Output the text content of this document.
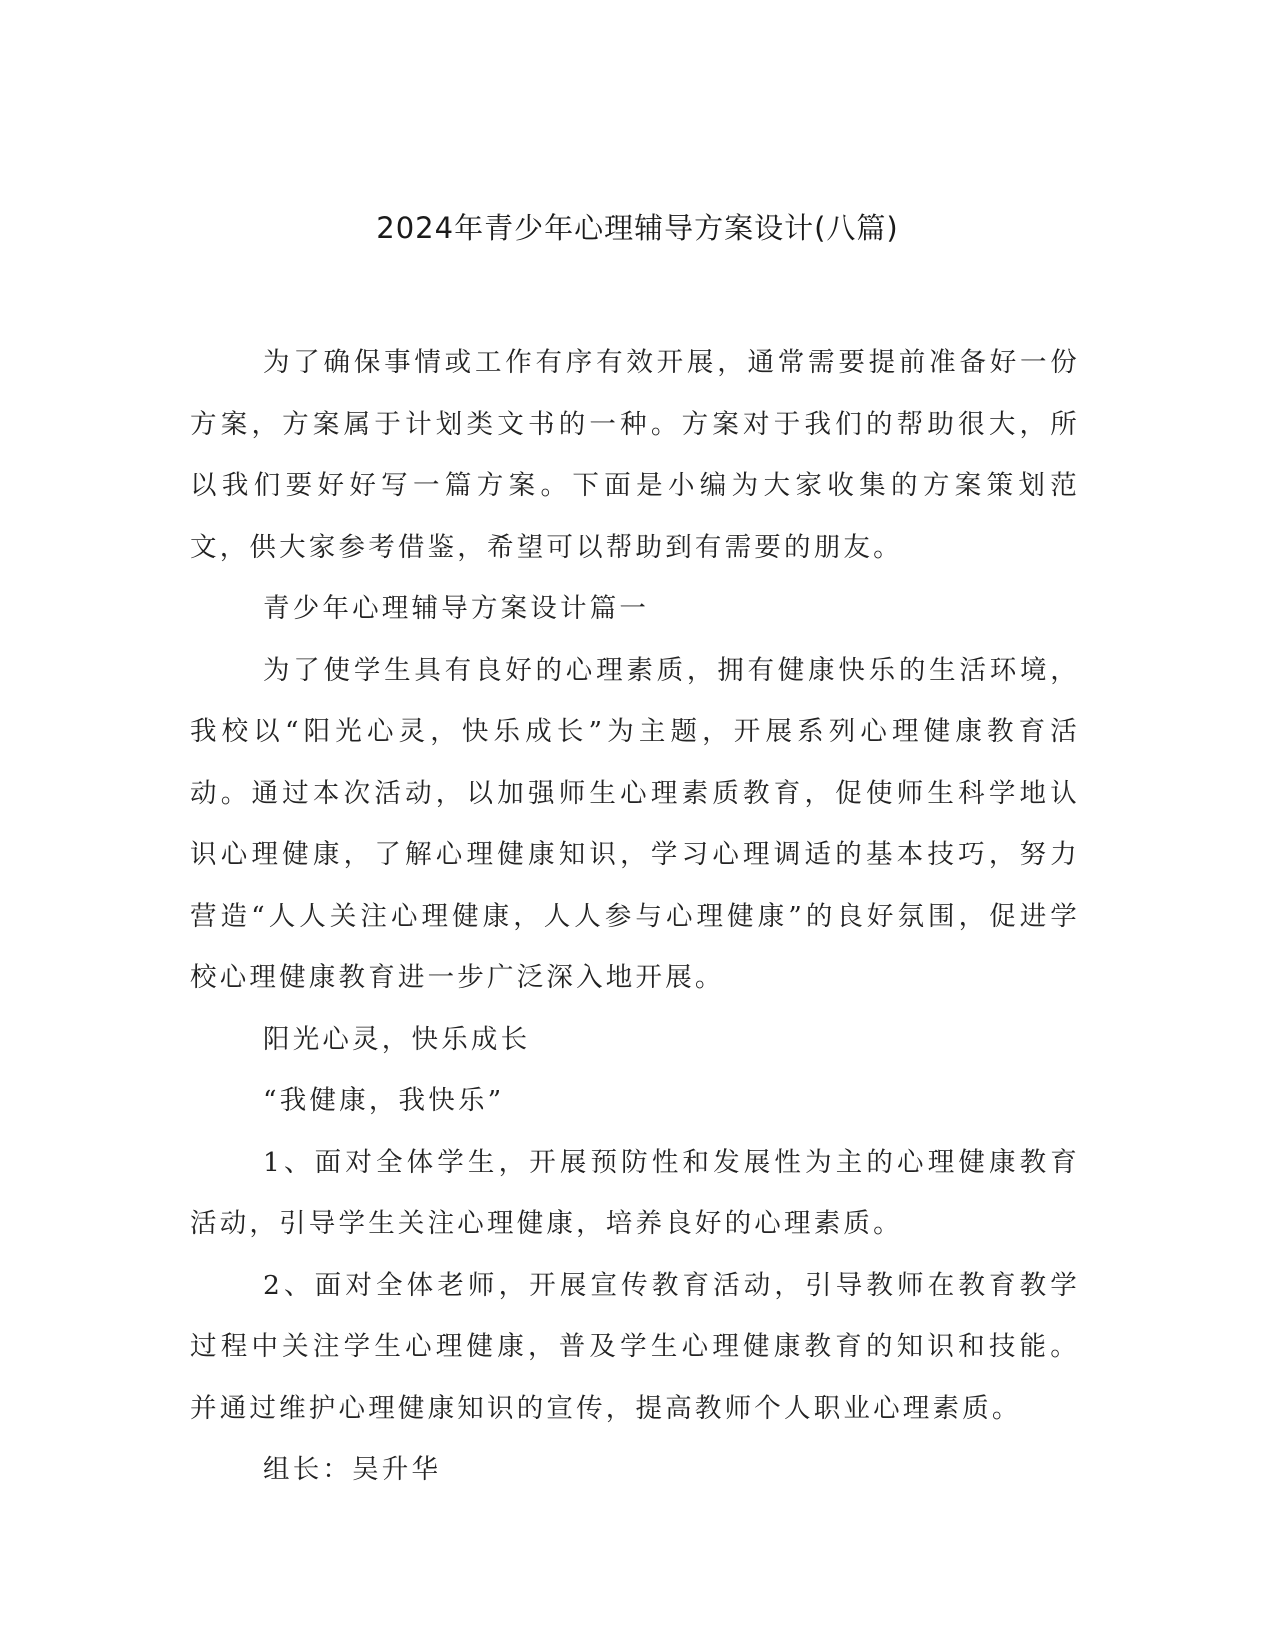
2024年青少年心理辅导方案设计(八篇)

为了确保事情或工作有序有效开展，通常需要提前准备好一份方案，方案属于计划类文书的一种。方案对于我们的帮助很大，所以我们要好好写一篇方案。下面是小编为大家收集的方案策划范文，供大家参考借鉴，希望可以帮助到有需要的朋友。

青少年心理辅导方案设计篇一

为了使学生具有良好的心理素质，拥有健康快乐的生活环境，我校以“阳光心灵，快乐成长”为主题，开展系列心理健康教育活动。通过本次活动，以加强师生心理素质教育，促使师生科学地认识心理健康，了解心理健康知识，学习心理调适的基本技巧，努力营造“人人关注心理健康，人人参与心理健康”的良好氛围，促进学校心理健康教育进一步广泛深入地开展。

阳光心灵，快乐成长

“我健康，我快乐”

1、面对全体学生，开展预防性和发展性为主的心理健康教育活动，引导学生关注心理健康，培养良好的心理素质。

2、面对全体老师，开展宣传教育活动，引导教师在教育教学过程中关注学生心理健康，普及学生心理健康教育的知识和技能。并通过维护心理健康知识的宣传，提高教师个人职业心理素质。

组长：吴升华
